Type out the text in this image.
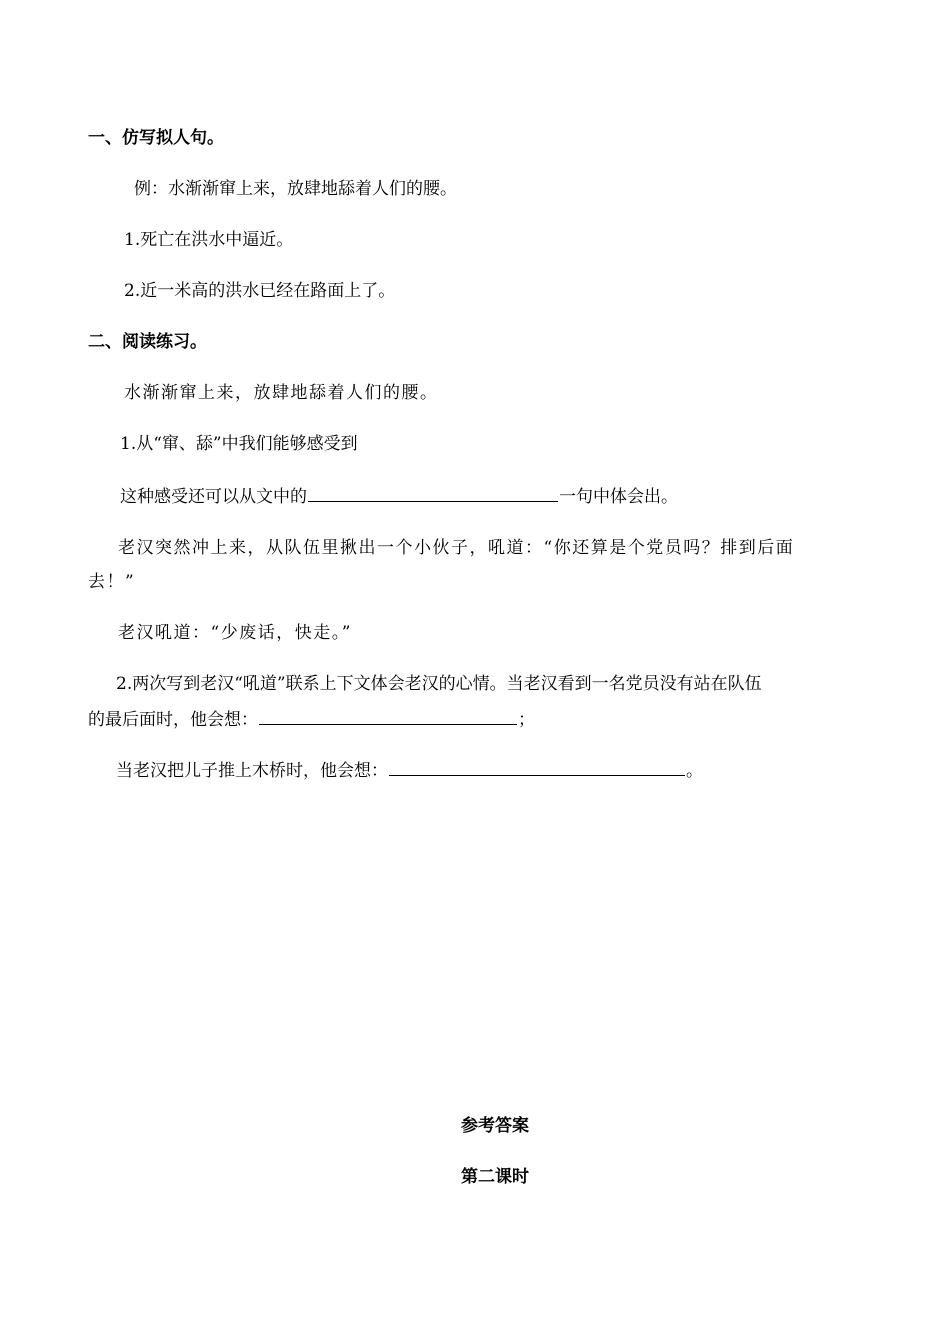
一、仿写拟人句。
例：水渐渐窜上来，放肆地舔着人们的腰。
1.死亡在洪水中逼近。
2.近一米高的洪水已经在路面上了。
二、阅读练习。
水渐渐窜上来，放肆地舔着人们的腰。
1.从“窜、舔”中我们能够感受到
这种感受还可以从文中的	一句中体会出。
老汉突然冲上来，从队伍里揪出一个小伙子，吼道：“你还算是个党员吗？排到后面
去！”
老汉吼道：“少废话，快走。”
2.两次写到老汉“吼道”联系上下文体会老汉的心情。当老汉看到一名党员没有站在队伍
的最后面时，他会想：	；
当老汉把儿子推上木桥时，他会想：	。
参考答案
第二课时
